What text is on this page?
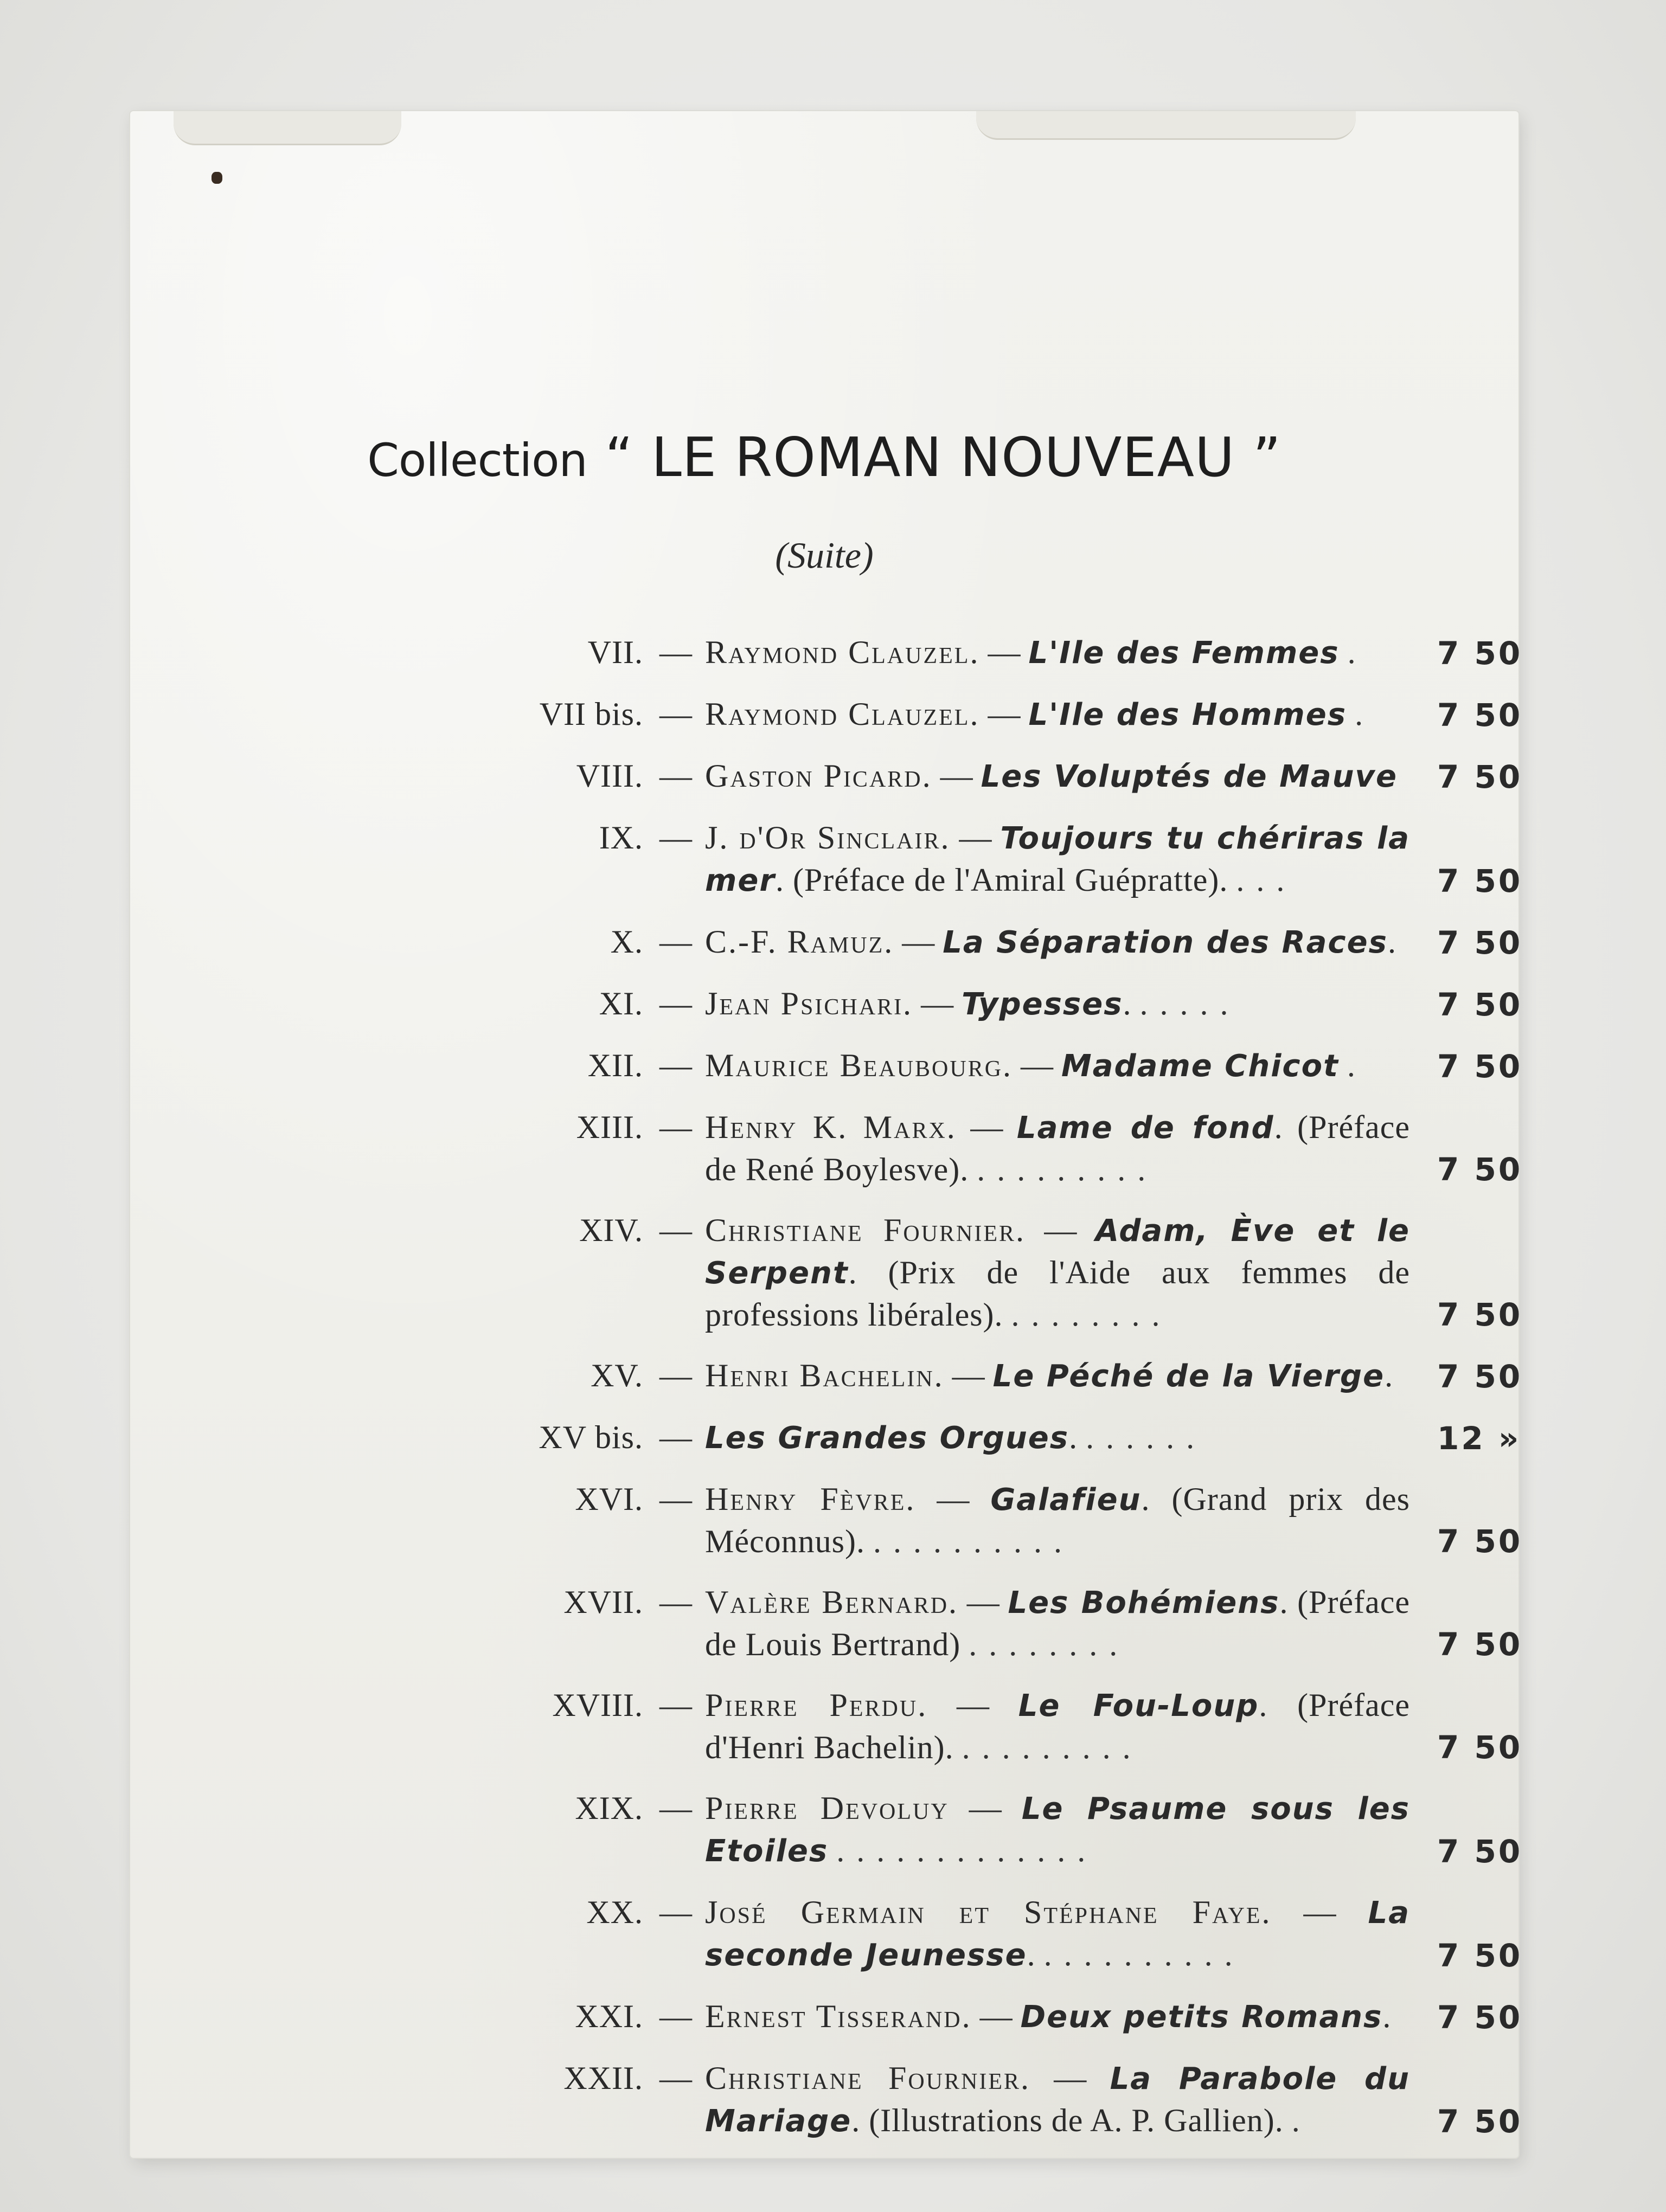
Collection “ LE ROMAN NOUVEAU ”
(Suite)
VII. — Raymond Clauzel. — L'Ile des Femmes .	7 50
VII bis. — Raymond Clauzel. — L'Ile des Hommes .	7 50
VIII. — Gaston Picard. — Les Voluptés de Mauve	7 50
IX. — J. d'Or Sinclair. — Toujours tu chériras la mer. (Préface de l'Amiral Guépratte). ...	7 50
X. — C.-F. Ramuz. — La Séparation des Races.	7 50
XI. — Jean Psichari. — Typesses. .....	7 50
XII. — Maurice Beaubourg. — Madame Chicot .	7 50
XIII. — Henry K. Marx. — Lame de fond. (Préface de René Boylesve). .........	7 50
XIV. — Christiane Fournier. — Adam, Ève et le Serpent. (Prix de l'Aide aux femmes de professions libérales). ........	7 50
XV. — Henri Bachelin. — Le Péché de la Vierge.	7 50
XV bis. — Les Grandes Orgues. ......	12 »
XVI. — Henry Fèvre. — Galafieu. (Grand prix des Méconnus). ..........	7 50
XVII. — Valère Bernard. — Les Bohémiens. (Préface de Louis Bertrand) ........	7 50
XVIII. — Pierre Perdu. — Le Fou-Loup. (Préface d'Henri Bachelin). .........	7 50
XIX. — Pierre Devoluy — Le Psaume sous les Etoiles .............	7 50
XX. — José Germain et Stéphane Faye. — La seconde Jeunesse. ..........	7 50
XXI. — Ernest Tisserand. — Deux petits Romans.	7 50
XXII. — Christiane Fournier. — La Parabole du Mariage. (Illustrations de A. P. Gallien). .	7 50
